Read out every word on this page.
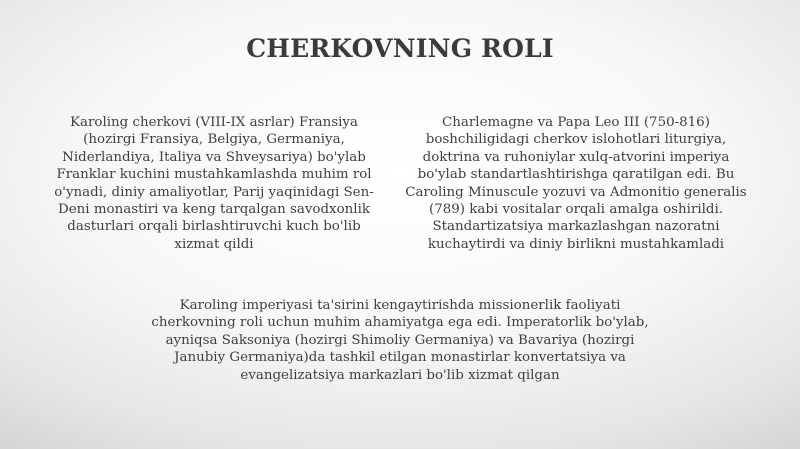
CHERKOVNING ROLI

Karoling cherkovi (VIII-IX asrlar) Fransiya (hozirgi Fransiya, Belgiya, Germaniya, Niderlandiya, Italiya va Shveysariya) bo'ylab Franklar kuchini mustahkamlashda muhim rol o'ynadi, diniy amaliyotlar, Parij yaqinidagi Sen-Deni monastiri va keng tarqalgan savodxonlik dasturlari orqali birlashtiruvchi kuch bo'lib xizmat qildi

Charlemagne va Papa Leo III (750-816) boshchiligidagi cherkov islohotlari liturgiya, doktrina va ruhoniylar xulq-atvorini imperiya bo'ylab standartlashtirishga qaratilgan edi. Bu Caroling Minuscule yozuvi va Admonitio generalis (789) kabi vositalar orqali amalga oshirildi. Standartizatsiya markazlashgan nazoratni kuchaytirdi va diniy birlikni mustahkamladi

Karoling imperiyasi ta'sirini kengaytirishda missionerlik faoliyati cherkovning roli uchun muhim ahamiyatga ega edi. Imperatorlik bo'ylab, ayniqsa Saksoniya (hozirgi Shimoliy Germaniya) va Bavariya (hozirgi Janubiy Germaniya)da tashkil etilgan monastirlar konvertatsiya va evangelizatsiya markazlari bo'lib xizmat qilgan
